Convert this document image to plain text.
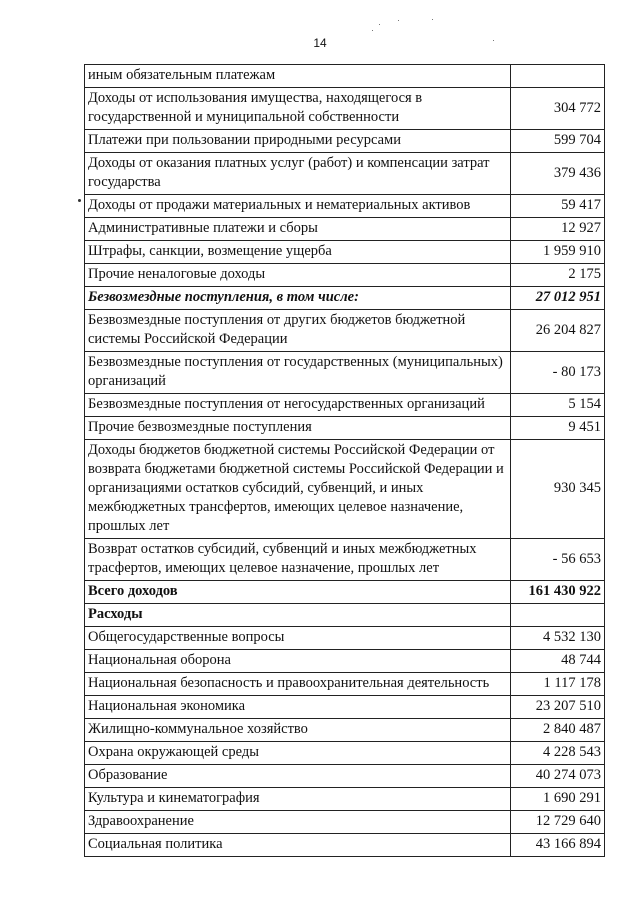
14
иным обязательным платежам	
Доходы от использования имущества, находящегося в государственной и муниципальной собственности	304 772
Платежи при пользовании природными ресурсами	599 704
Доходы от оказания платных услуг (работ) и компенсации затрат государства	379 436
Доходы от продажи материальных и нематериальных активов	59 417
Административные платежи и сборы	12 927
Штрафы, санкции, возмещение ущерба	1 959 910
Прочие неналоговые доходы	2 175
Безвозмездные поступления, в том числе:	27 012 951
Безвозмездные поступления от других бюджетов бюджетной системы Российской Федерации	26 204 827
Безвозмездные поступления от государственных (муниципальных) организаций	- 80 173
Безвозмездные поступления от негосударственных организаций	5 154
Прочие безвозмездные поступления	9 451
Доходы бюджетов бюджетной системы Российской Федерации от возврата бюджетами бюджетной системы Российской Федерации и организациями остатков субсидий, субвенций, и иных межбюджетных трансфертов, имеющих целевое назначение, прошлых лет	930 345
Возврат остатков субсидий, субвенций и иных межбюджетных трасфертов, имеющих целевое назначение, прошлых лет	- 56 653
Всего доходов	161 430 922
Расходы	
Общегосударственные вопросы	4 532 130
Национальная оборона	48 744
Национальная безопасность и правоохранительная деятельность	1 117 178
Национальная экономика	23 207 510
Жилищно-коммунальное хозяйство	2 840 487
Охрана окружающей среды	4 228 543
Образование	40 274 073
Культура и кинематография	1 690 291
Здравоохранение	12 729 640
Социальная политика	43 166 894
